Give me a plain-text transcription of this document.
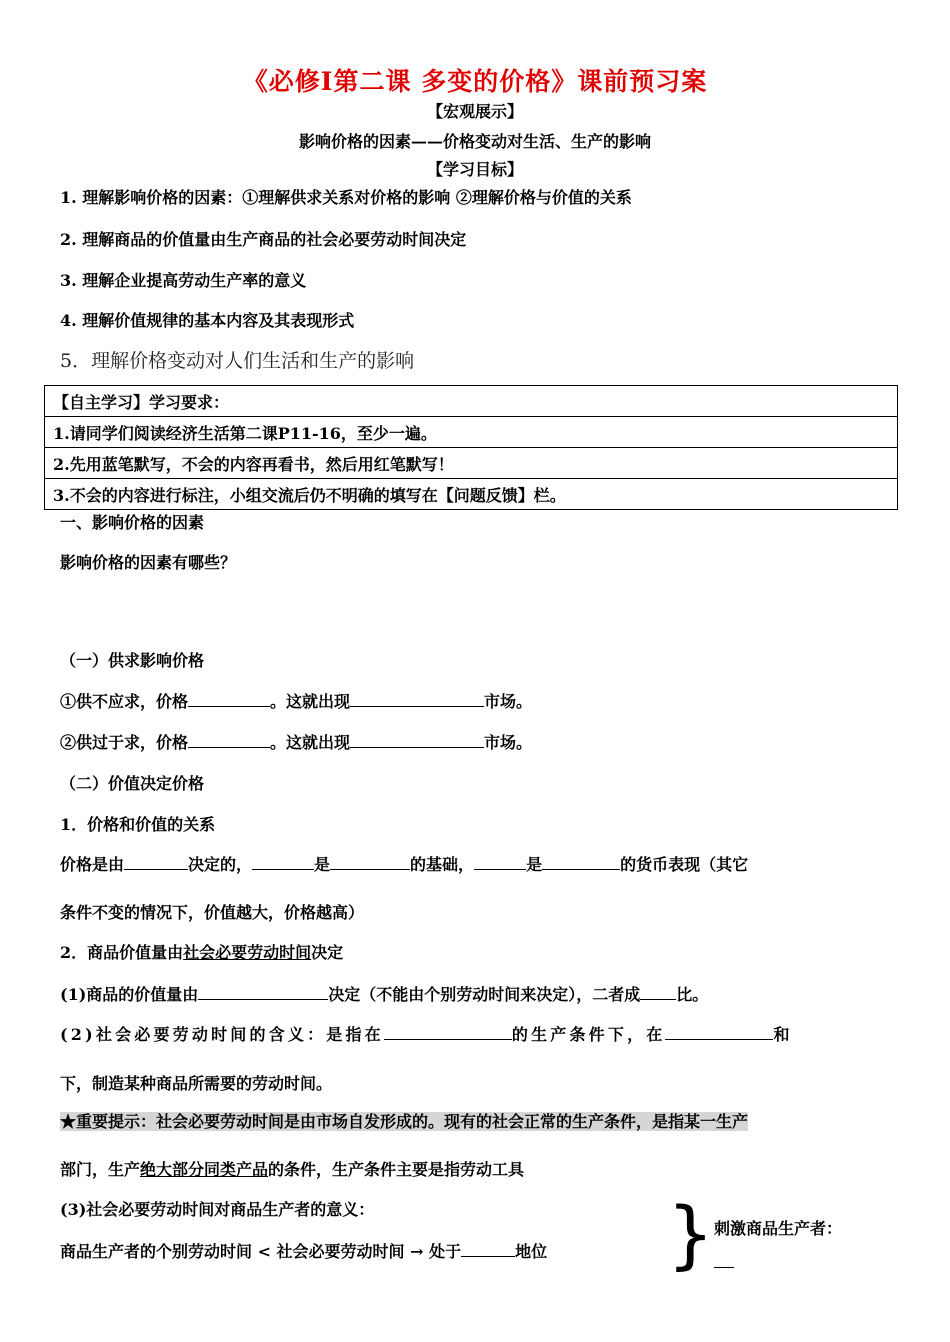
《必修Ⅰ第二课 多变的价格》课前预习案
【宏观展示】
影响价格的因素——价格变动对生活、生产的影响
【学习目标】
1. 理解影响价格的因素：①理解供求关系对价格的影响 ②理解价格与价值的关系
2. 理解商品的价值量由生产商品的社会必要劳动时间决定
3. 理解企业提高劳动生产率的意义
4. 理解价值规律的基本内容及其表现形式
5．理解价格变动对人们生活和生产的影响
【自主学习】学习要求：
1.请同学们阅读经济生活第二课P11-16，至少一遍。
2.先用蓝笔默写，不会的内容再看书，然后用红笔默写！
3.不会的内容进行标注，小组交流后仍不明确的填写在【问题反馈】栏。
一、影响价格的因素
影响价格的因素有哪些？
（一）供求影响价格
①供不应求，价格	。这就出现	市场。
②供过于求，价格	。这就出现	市场。
（二）价值决定价格
1．价格和价值的关系
价格是由	决定的，	是	的基础，	是	的货币表现（其它
条件不变的情况下，价值越大，价格越高）
2．商品价值量由社会必要劳动时间决定
(1)商品的价值量由	决定（不能由个别劳动时间来决定），二者成 比。
(2)社会必要劳动时间的含义：是指在	的生产条件下，在	和
下，制造某种商品所需要的劳动时间。
★重要提示：社会必要劳动时间是由市场自发形成的。现有的社会正常的生产条件，是指某一生产
部门，生产绝大部分同类产品的条件，生产条件主要是指劳动工具
(3)社会必要劳动时间对商品生产者的意义：
商品生产者的个别劳动时间 < 社会必要劳动时间 → 处于	地位 } 刺激商品生产者：
